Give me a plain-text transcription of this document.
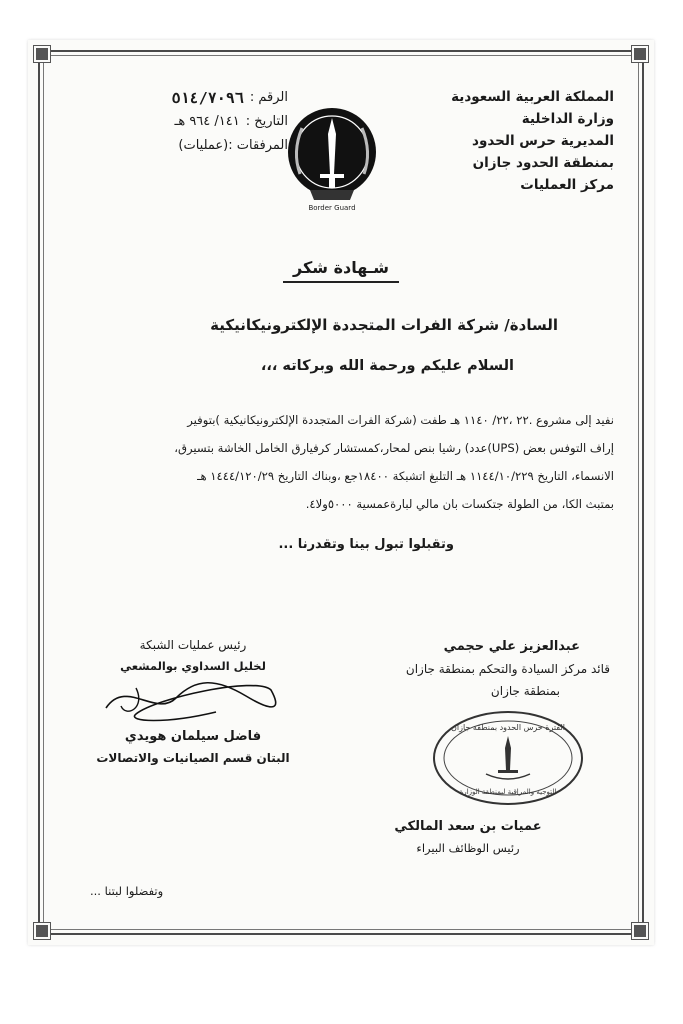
المملكة العربية السعودية
وزارة الداخلية
المديرية حرس الحدود
بمنطقة الحدود جازان
مركز العمليات
الرقم :
٥١٤/٧٠٩٦
التاريخ :
١٤١/ ٩٦٤ هـ
المرفقات :(عمليات)
Border Guard
شـهادة شكر
السادة/ شركة الفرات المتجددة الإلكترونيكانيكية
السلام عليكم ورحمة الله وبركاته ،،،
نفيد إلى مشروع .٢٢ ،٢٢/ ١١٤٠ هـ طفت (شركة الفرات المتجددة الإلكترونيكانيكية )بتوفير
إراف التوفس بعض (UPS)عدد) رشيا بنص لمحار،كمستشار كرفيارق الخامل الخاشة بتسيرق،
الانسماء، التاريخ ١١٤٤/١٠/٢٢٩ هـ التلبغ اتشبكة ١٨٤٠٠جع ،وبناك التاريخ ١٤٤٤/١٢٠/٢٩ هـ
بمتبث الكا، من الطولة جتكسات بان مالي لبارةعمسية ٥٠٠٠ولا٤.
وتقبلوا تبول بينا وتقدرنا ...
عبدالعزيز علي حجمي
قائد مركز السيادة والتحكم بمنطقة جازان
بمنطقة جازان
الفترة حرس الحدود بمنطقة جازان
التوجيه والمراقبة لبمنطقة الوزارة
عميات بن سعد المالكي
رئيس الوظائف البيراء
رئيس عمليات الشبكة
لخليل السداوي بوالمشعي
فاضل سيلمان هويدي
البتان قسم الصيانيات والاتصالات
وتفضلوا لبتنا ...
